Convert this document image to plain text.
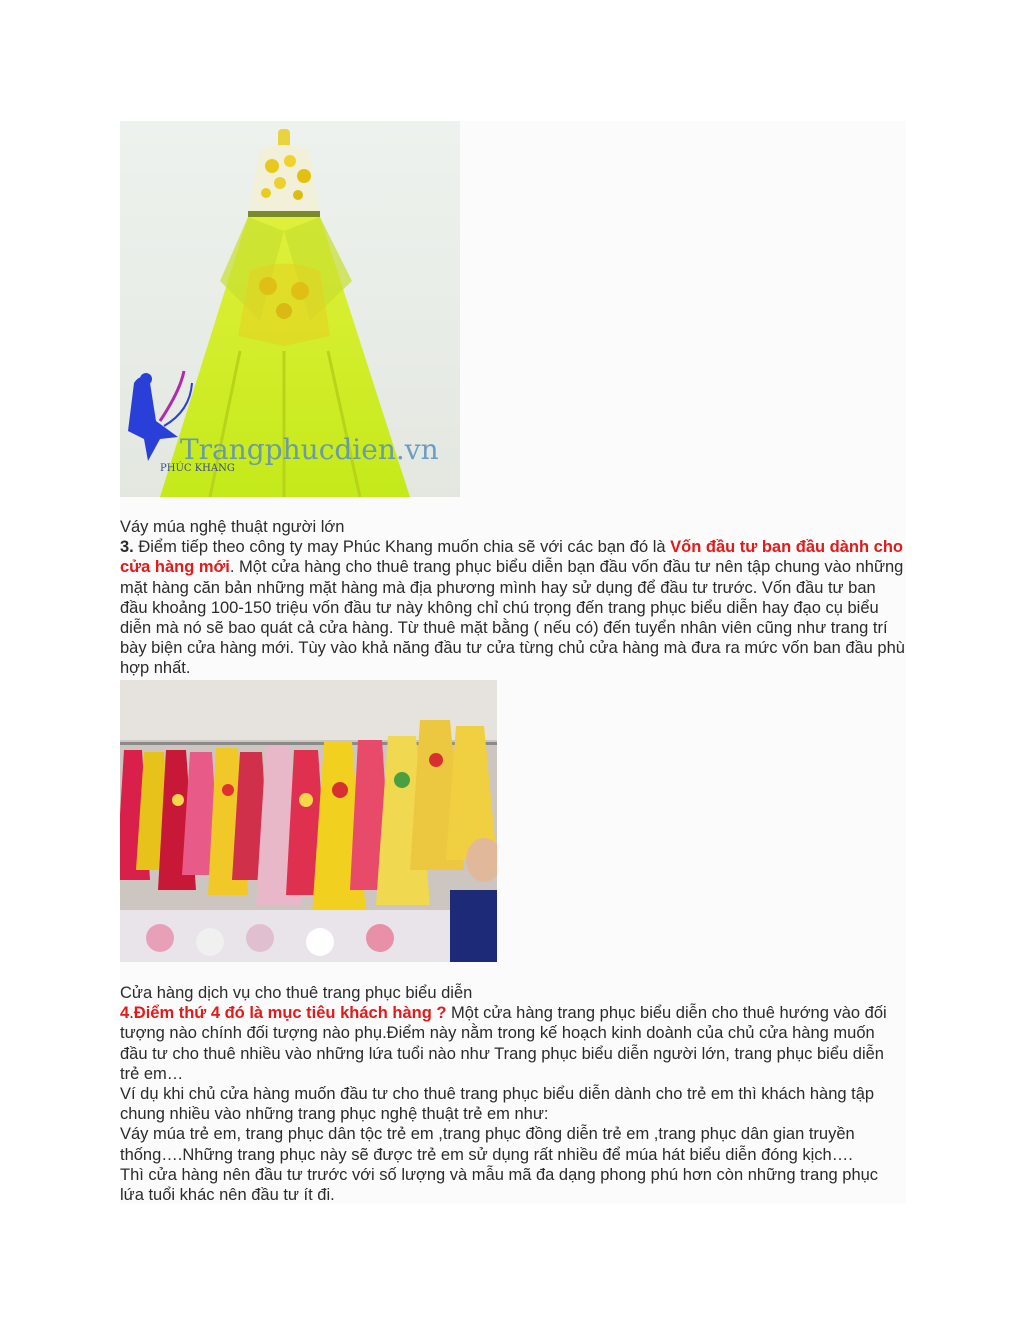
Trangphucdien.vn
PHÚC KHANG

Váy múa nghệ thuật người lớn

3. Điểm tiếp theo công ty may Phúc Khang muốn chia sẽ với các bạn đó là Vốn đầu tư ban đầu dành cho cửa hàng mới. Một cửa hàng cho thuê trang phục biểu diễn bạn đầu vốn đầu tư nên tập chung vào những mặt hàng căn bản những mặt hàng mà địa phương mình hay sử dụng để đầu tư trước. Vốn đầu tư ban đầu khoảng 100-150 triệu vốn đầu tư này không chỉ chú trọng đến trang phục biểu diễn hay đạo cụ biểu diễn mà nó sẽ bao quát cả cửa hàng. Từ thuê mặt bằng ( nếu có) đến tuyển nhân viên cũng như trang trí bày biện cửa hàng mới. Tùy vào khả năng đầu tư cửa từng chủ cửa hàng mà đưa ra mức vốn ban đầu phù hợp nhất.

Cửa hàng dịch vụ cho thuê trang phục biểu diễn

4.Điểm thứ 4 đó là mục tiêu khách hàng ? Một cửa hàng trang phục biểu diễn cho thuê hướng vào đối tượng nào chính đối tượng nào phụ.Điểm này nằm trong kế hoạch kinh doành của chủ cửa hàng muốn đầu tư cho thuê nhiều vào những lứa tuổi nào như Trang phục biểu diễn người lớn, trang phục biểu diễn trẻ em…

Ví dụ khi chủ cửa hàng muốn đầu tư cho thuê trang phục biểu diễn dành cho trẻ em thì khách hàng tập chung nhiều vào những trang phục nghệ thuật trẻ em như:

Váy múa trẻ em, trang phục dân tộc trẻ em ,trang phục đồng diễn trẻ em ,trang phục dân gian truyền thống….Những trang phục này sẽ được trẻ em sử dụng rất nhiều để múa hát biểu diễn đóng kịch….

Thì cửa hàng nên đầu tư trước với số lượng và mẫu mã đa dạng phong phú hơn còn những trang phục lứa tuổi khác nên đầu tư ít đi.
